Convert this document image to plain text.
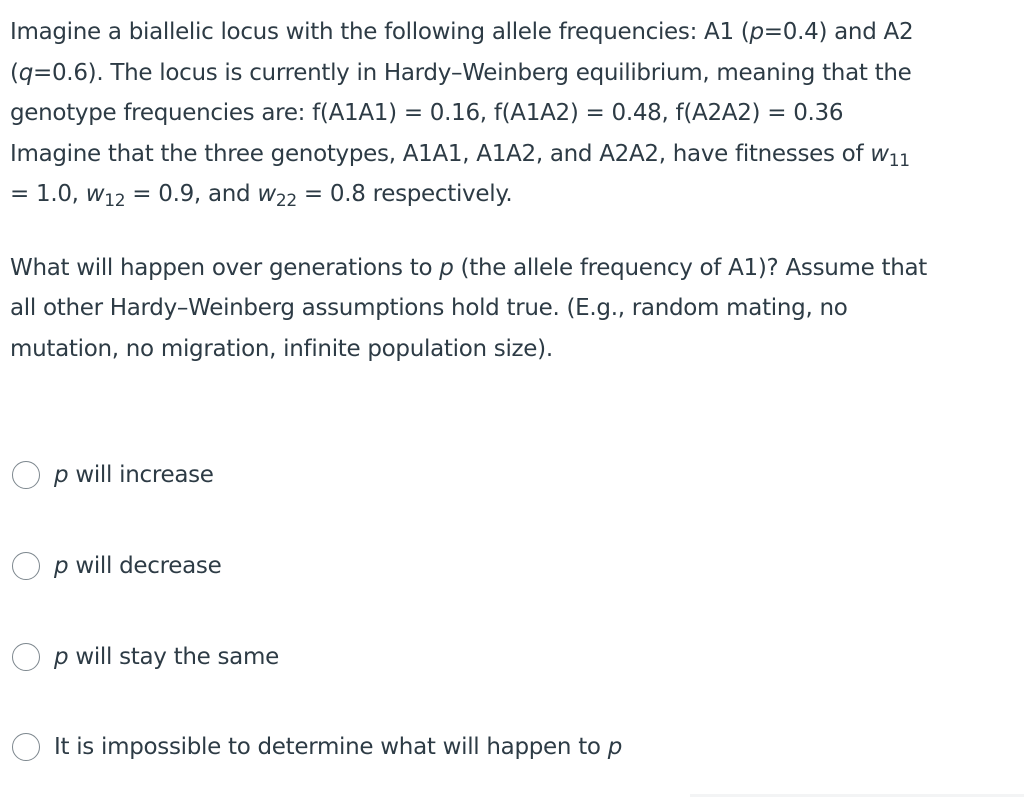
Imagine a biallelic locus with the following allele frequencies: A1 (p=0.4) and A2
(q=0.6). The locus is currently in Hardy–Weinberg equilibrium, meaning that the
genotype frequencies are: f(A1A1) = 0.16, f(A1A2) = 0.48, f(A2A2) = 0.36
Imagine that the three genotypes, A1A1, A1A2, and A2A2, have fitnesses of $w_{11}$
= 1.0, $w_{12} = 0.9$, and $w_{22} = 0.8$ respectively.

What will happen over generations to p (the allele frequency of A1)? Assume that
all other Hardy–Weinberg assumptions hold true. (E.g., random mating, no
mutation, no migration, infinite population size).

p will increase
p will decrease
p will stay the same
It is impossible to determine what will happen to p
